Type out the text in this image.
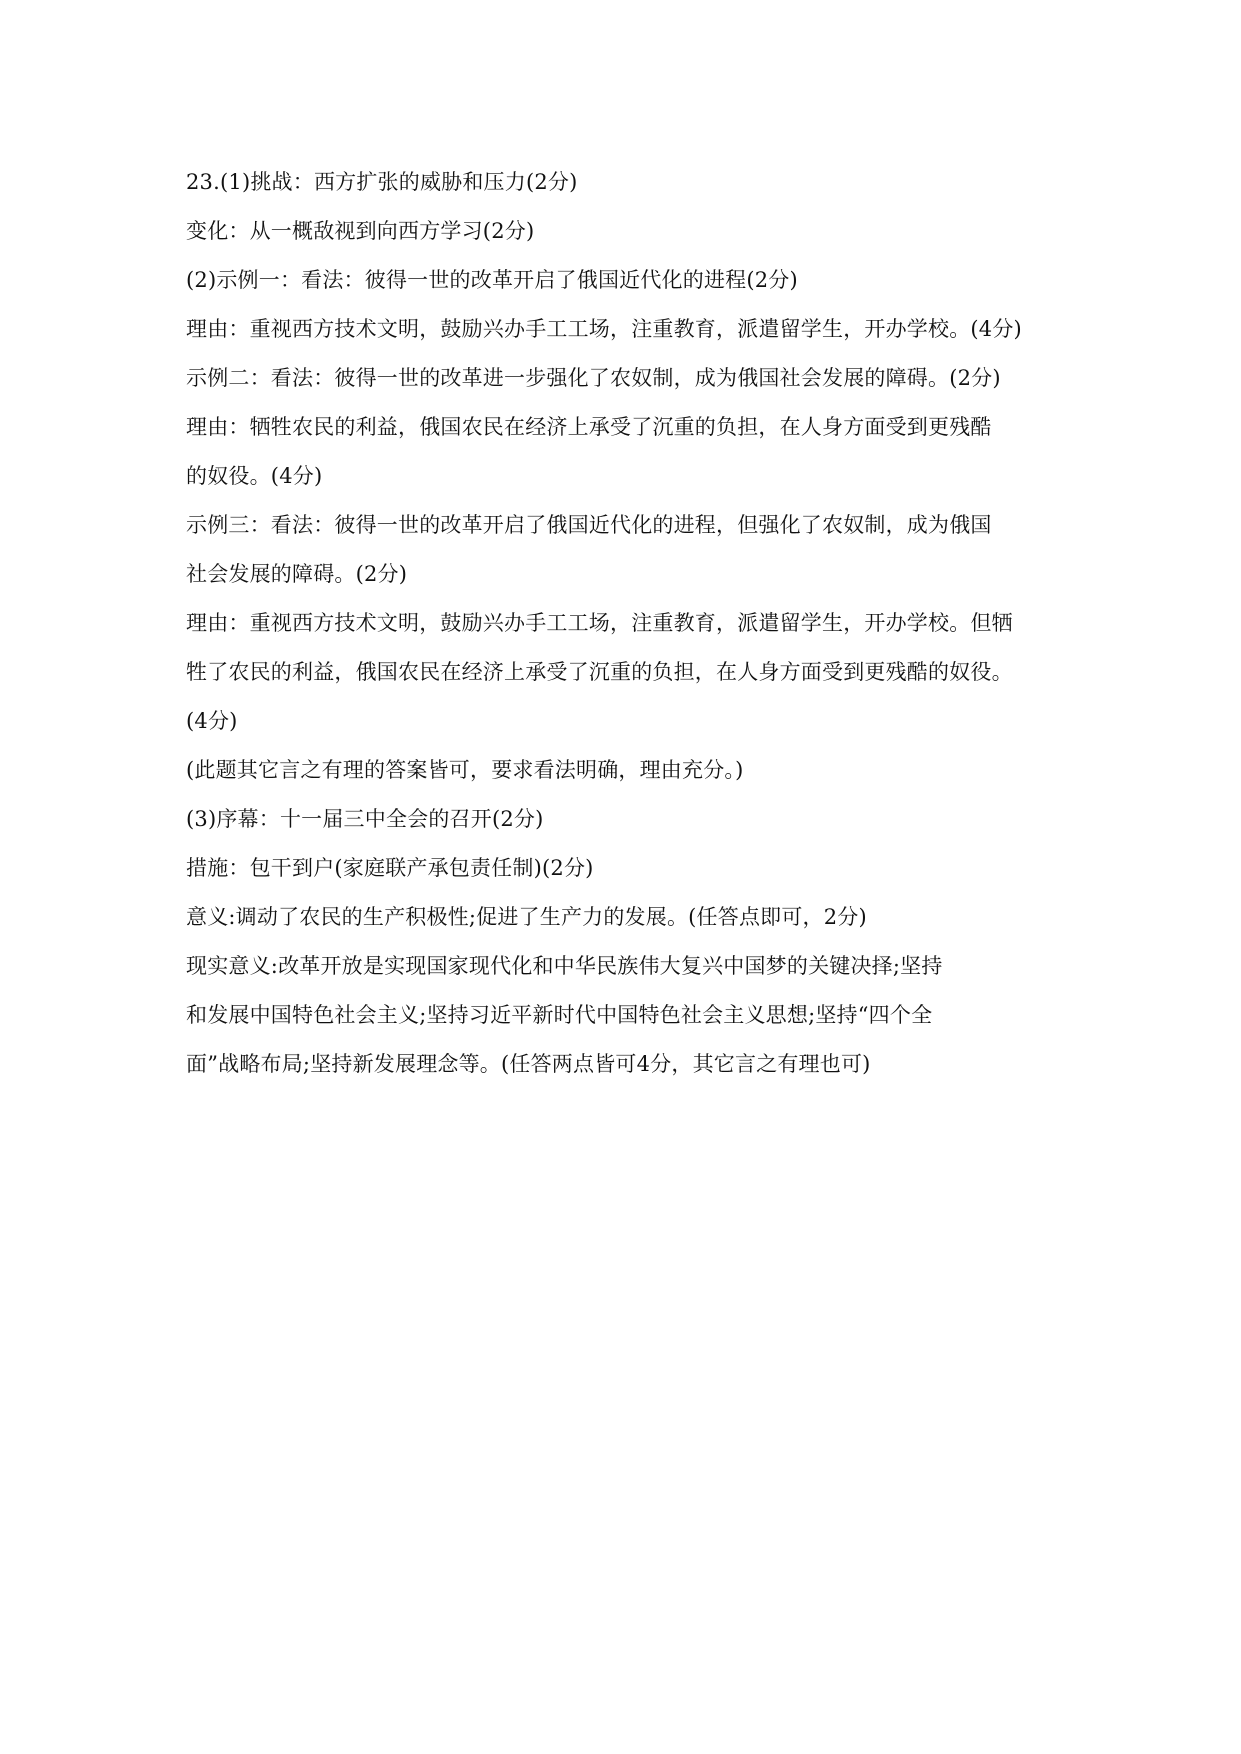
23.(1)挑战：西方扩张的威胁和压力(2分)
变化：从一概敌视到向西方学习(2分)
(2)示例一：看法：彼得一世的改革开启了俄国近代化的进程(2分)
理由：重视西方技术文明，鼓励兴办手工工场，注重教育，派遣留学生，开办学校。(4分)
示例二：看法：彼得一世的改革进一步强化了农奴制，成为俄国社会发展的障碍。(2分)
理由：牺牲农民的利益，俄国农民在经济上承受了沉重的负担，在人身方面受到更残酷
的奴役。(4分)
示例三：看法：彼得一世的改革开启了俄国近代化的进程，但强化了农奴制，成为俄国
社会发展的障碍。(2分)
理由：重视西方技术文明，鼓励兴办手工工场，注重教育，派遣留学生，开办学校。但牺
牲了农民的利益，俄国农民在经济上承受了沉重的负担，在人身方面受到更残酷的奴役。
(4分)
(此题其它言之有理的答案皆可，要求看法明确，理由充分。)
(3)序幕：十一届三中全会的召开(2分)
措施：包干到户(家庭联产承包责任制)(2分)
意义:调动了农民的生产积极性;促进了生产力的发展。(任答点即可，2分)
现实意义:改革开放是实现国家现代化和中华民族伟大复兴中国梦的关键决择;坚持
和发展中国特色社会主义;坚持习近平新时代中国特色社会主义思想;坚持“四个全
面”战略布局;坚持新发展理念等。(任答两点皆可4分，其它言之有理也可)
